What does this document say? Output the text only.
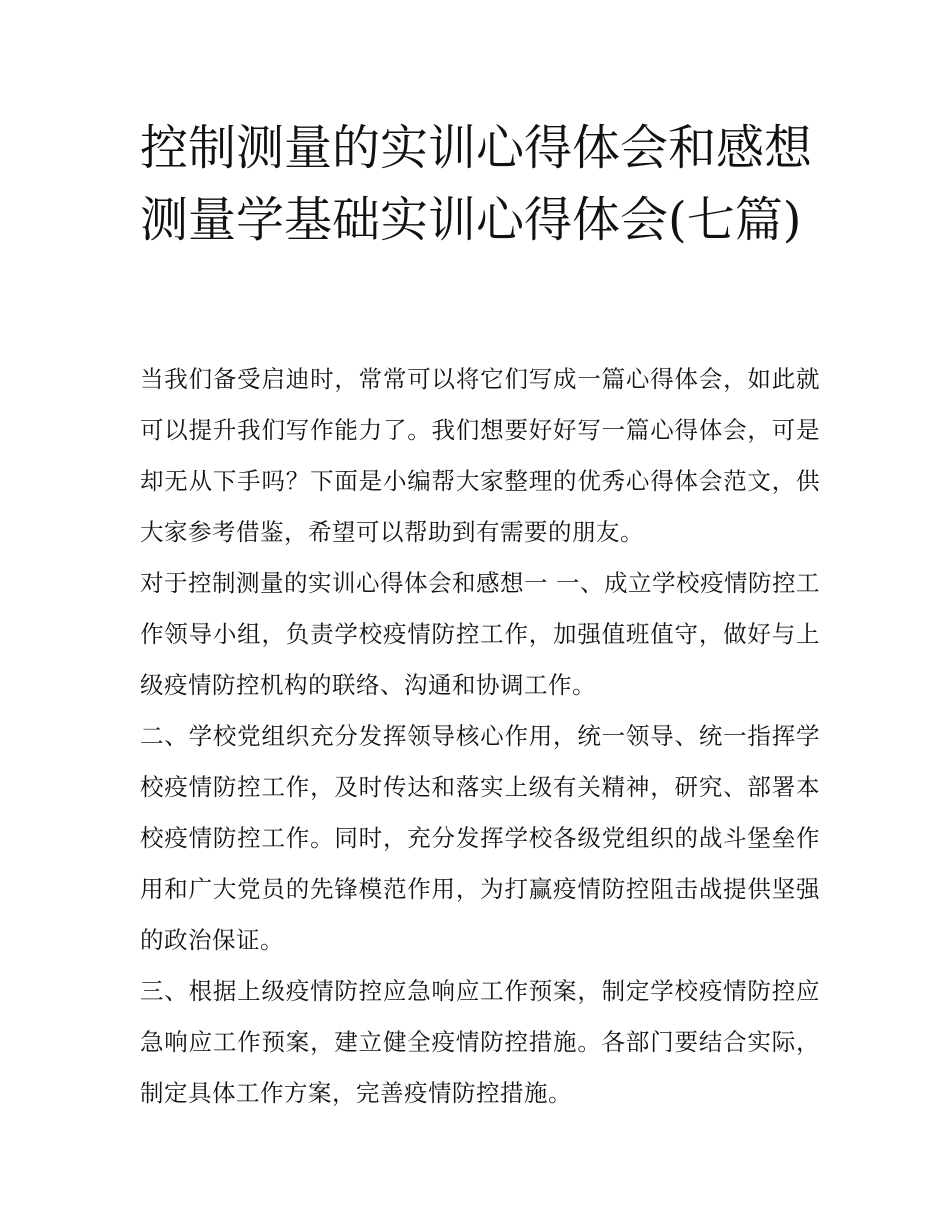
控制测量的实训心得体会和感想 测量学基础实训心得体会(七篇)

当我们备受启迪时，常常可以将它们写成一篇心得体会，如此就可以提升我们写作能力了。我们想要好好写一篇心得体会，可是却无从下手吗？下面是小编帮大家整理的优秀心得体会范文，供大家参考借鉴，希望可以帮助到有需要的朋友。

对于控制测量的实训心得体会和感想一 一、成立学校疫情防控工作领导小组，负责学校疫情防控工作，加强值班值守，做好与上级疫情防控机构的联络、沟通和协调工作。

二、学校党组织充分发挥领导核心作用，统一领导、统一指挥学校疫情防控工作，及时传达和落实上级有关精神，研究、部署本校疫情防控工作。同时，充分发挥学校各级党组织的战斗堡垒作用和广大党员的先锋模范作用，为打赢疫情防控阻击战提供坚强的政治保证。

三、根据上级疫情防控应急响应工作预案，制定学校疫情防控应急响应工作预案，建立健全疫情防控措施。各部门要结合实际，制定具体工作方案，完善疫情防控措施。
